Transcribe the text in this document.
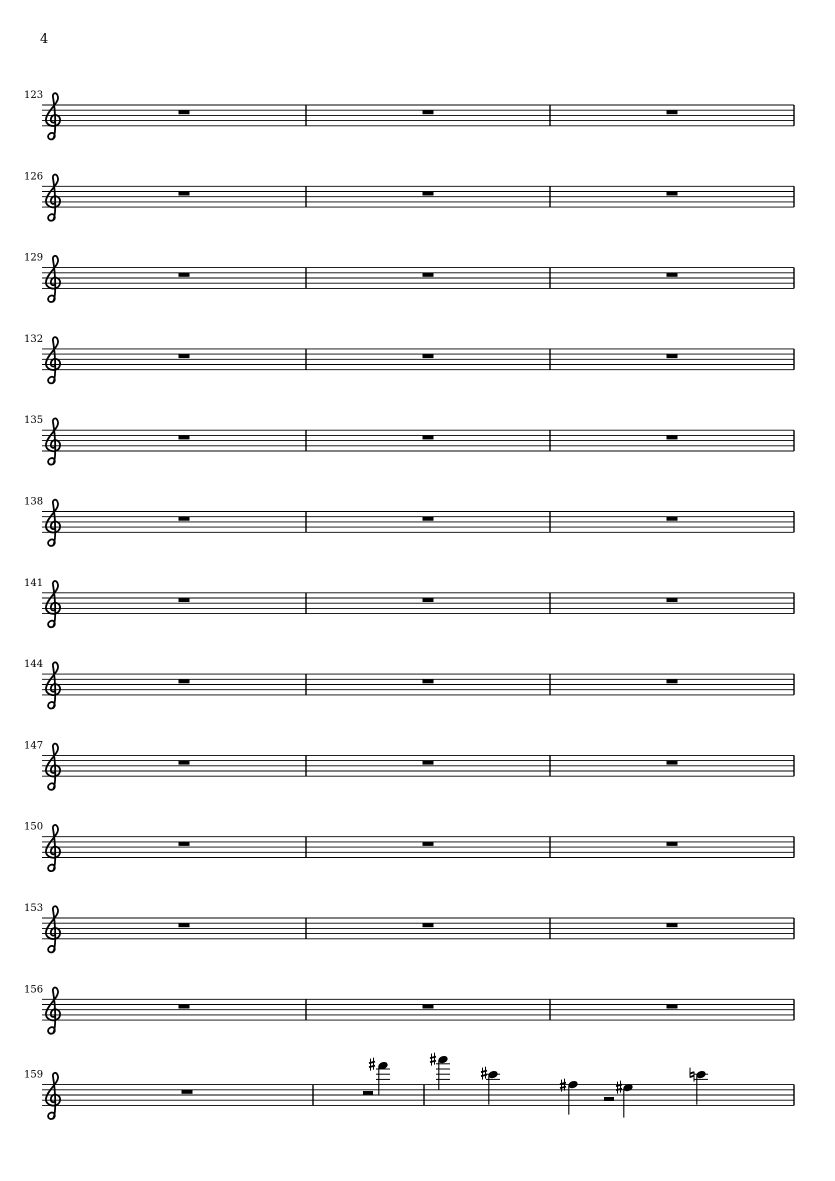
4
123
126
129
132
135
138
141
144
147
150
153
156
159
